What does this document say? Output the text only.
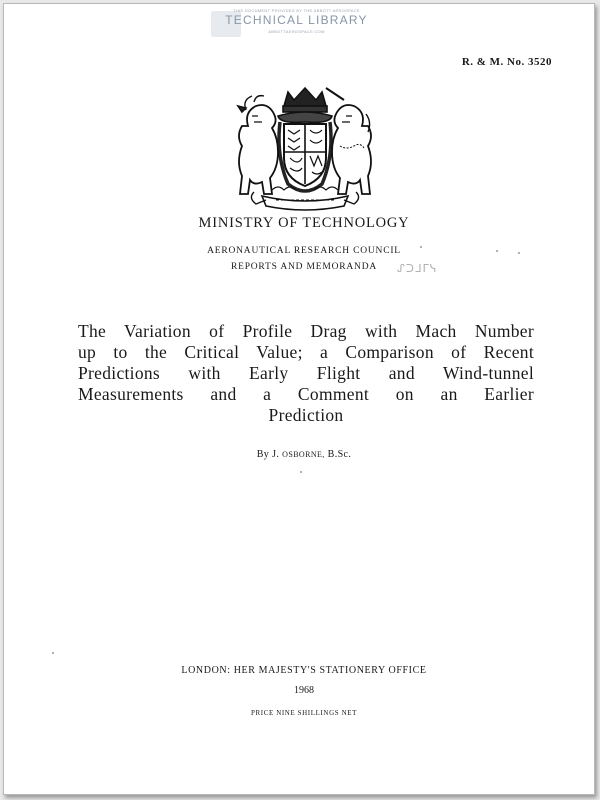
THIS DOCUMENT PROVIDED BY THE ABBOTT AEROSPACE
TECHNICAL LIBRARY
ABBOTTAEROSPACE.COM
R. & M. No. 3520
MINISTRY OF TECHNOLOGY
AERONAUTICAL RESEARCH COUNCIL
REPORTS AND MEMORANDA	ᔑᑐᒧᒥᓭ
The Variation of Profile Drag with Mach Number
up to the Critical Value; a Comparison of Recent
Predictions with Early Flight and Wind-tunnel
Measurements and a Comment on an Earlier
Prediction
By J. OSBORNE, B.Sc.
LONDON: HER MAJESTY'S STATIONERY OFFICE
1968
PRICE NINE SHILLINGS NET
